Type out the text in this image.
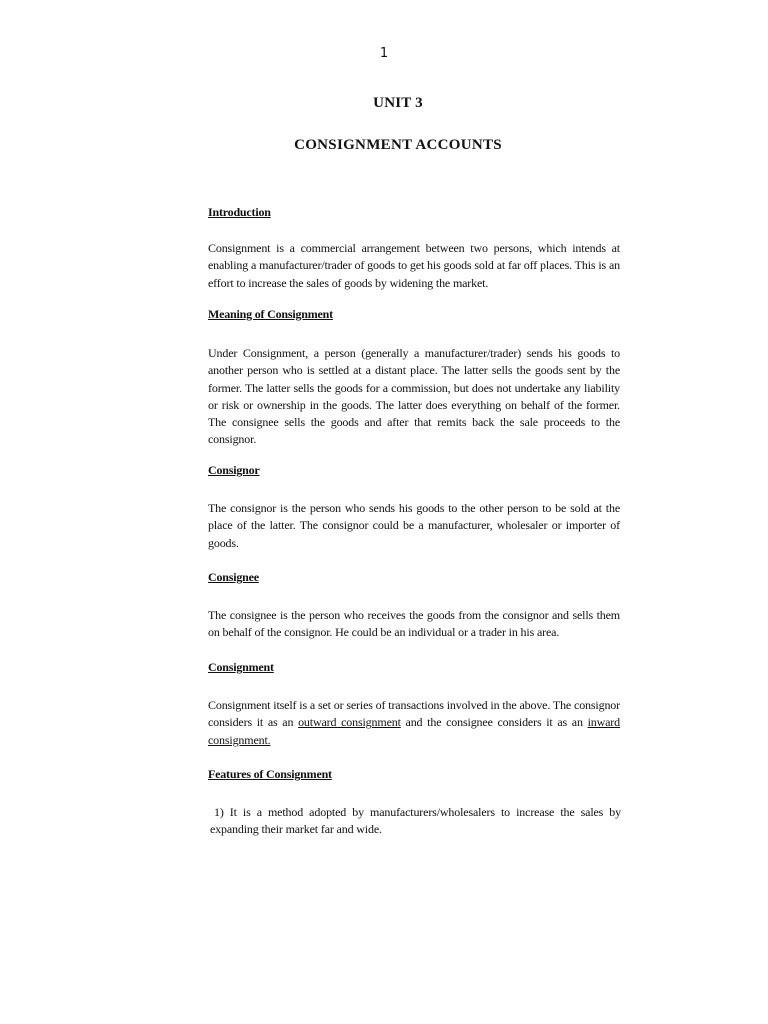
1
UNIT 3
CONSIGNMENT ACCOUNTS
Introduction
Consignment is a commercial arrangement between two persons, which intends at enabling a manufacturer/trader of goods to get his goods sold at far off places. This is an effort to increase the sales of goods by widening the market.
Meaning of Consignment
Under Consignment, a person (generally a manufacturer/trader) sends his goods to another person who is settled at a distant place. The latter sells the goods sent by the former. The latter sells the goods for a commission, but does not undertake any liability or risk or ownership in the goods. The latter does everything on behalf of the former. The consignee sells the goods and after that remits back the sale proceeds to the consignor.
Consignor
The consignor is the person who sends his goods to the other person to be sold at the place of the latter. The consignor could be a manufacturer, wholesaler or importer of goods.
Consignee
The consignee is the person who receives the goods from the consignor and sells them on behalf of the consignor. He could be an individual or a trader in his area.
Consignment
Consignment itself is a set or series of transactions involved in the above. The consignor considers it as an outward consignment and the consignee considers it as an inward consignment.
Features of Consignment
1) It is a method adopted by manufacturers/wholesalers to increase the sales by expanding their market far and wide.
